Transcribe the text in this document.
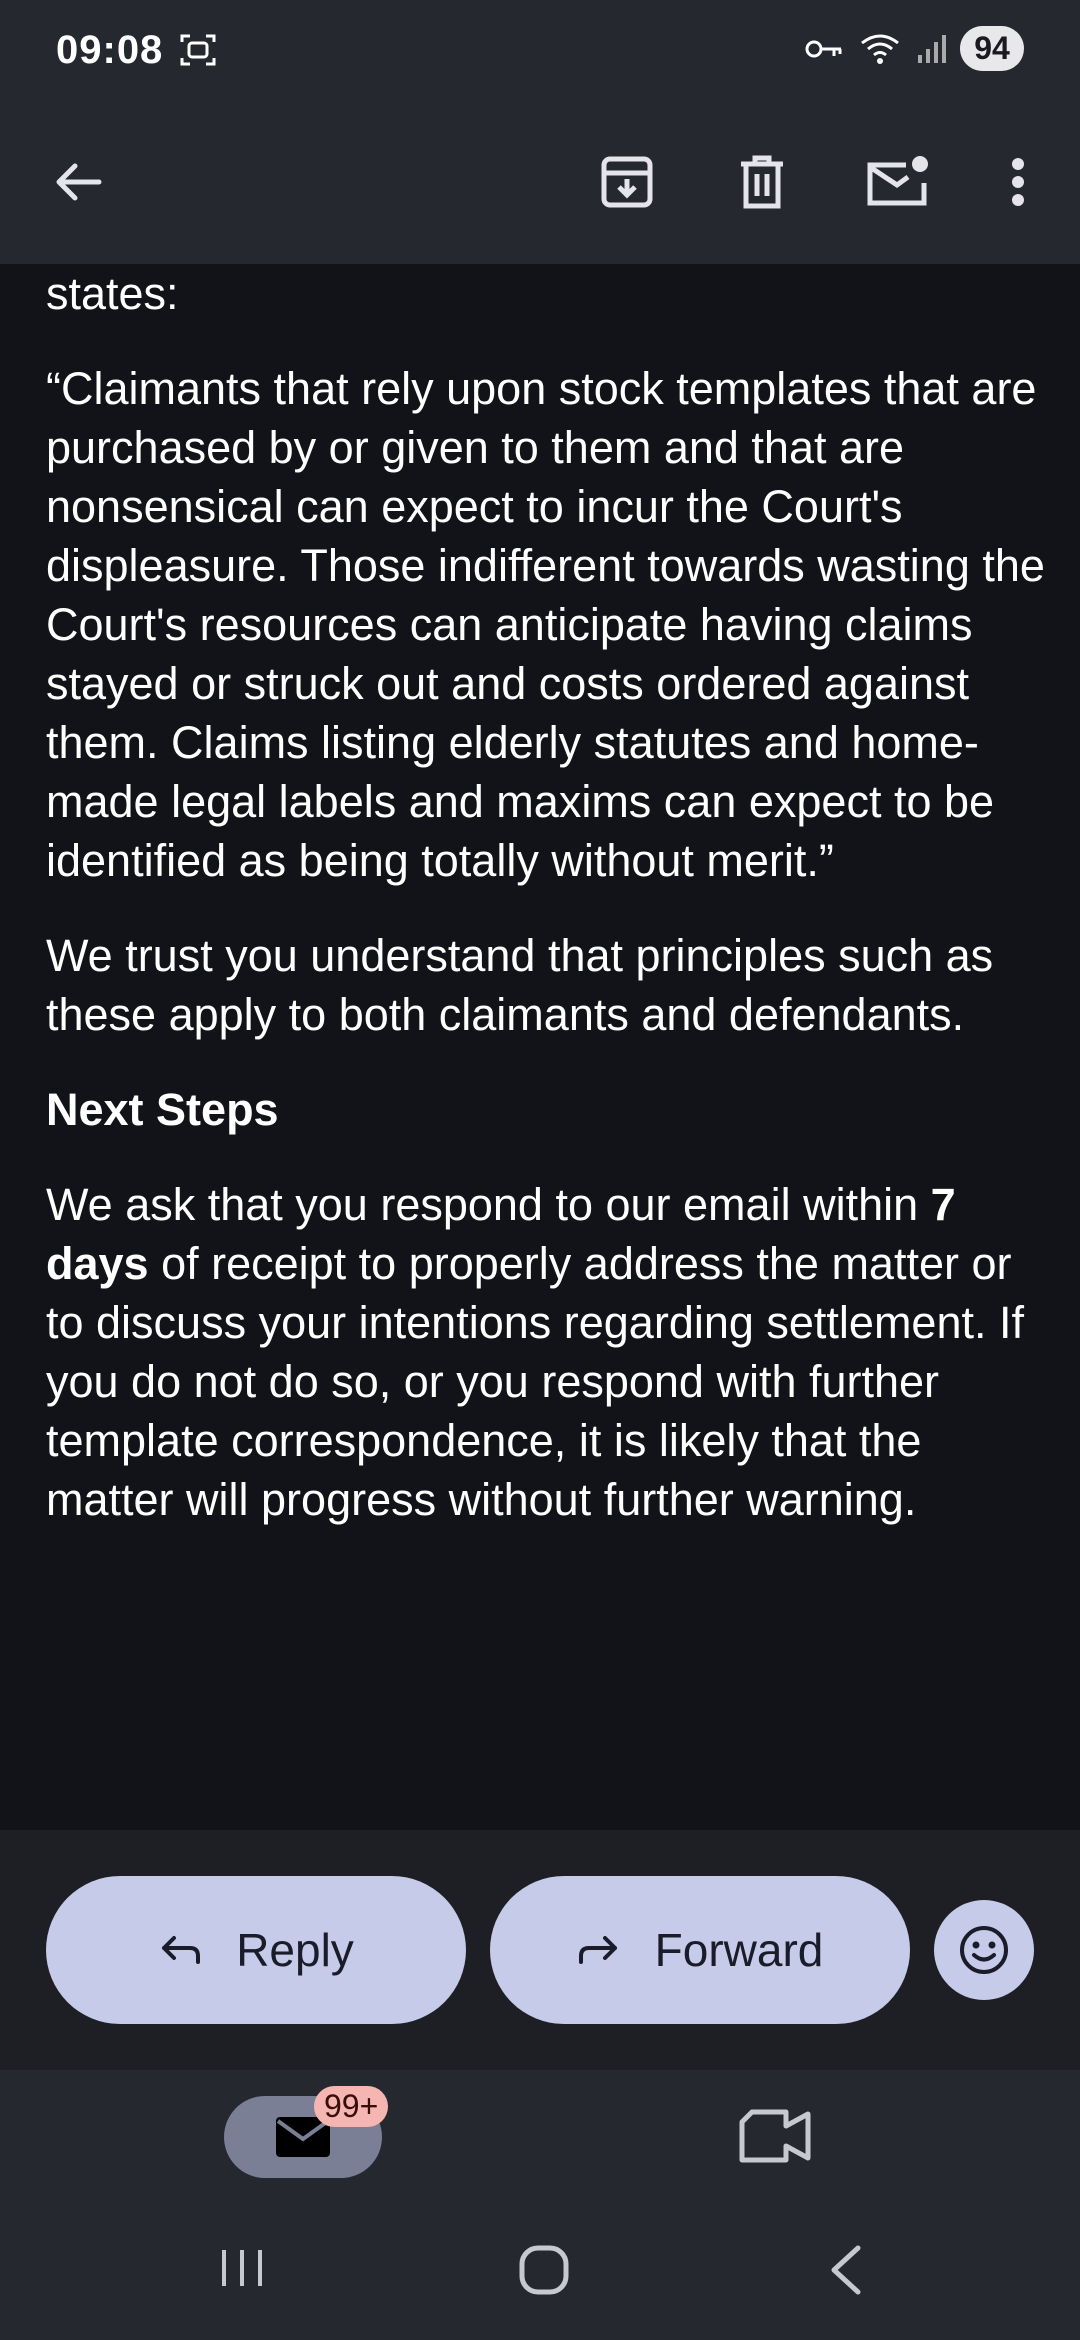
09:08	94

states:

“Claimants that rely upon stock templates that are purchased by or given to them and that are nonsensical can expect to incur the Court's displeasure. Those indifferent towards wasting the Court's resources can anticipate having claims stayed or struck out and costs ordered against them. Claims listing elderly statutes and home-made legal labels and maxims can expect to be identified as being totally without merit.”

We trust you understand that principles such as these apply to both claimants and defendants.

Next Steps

We ask that you respond to our email within 7 days of receipt to properly address the matter or to discuss your intentions regarding settlement. If you do not do so, or you respond with further template correspondence, it is likely that the matter will progress without further warning.

Reply	Forward
99+
